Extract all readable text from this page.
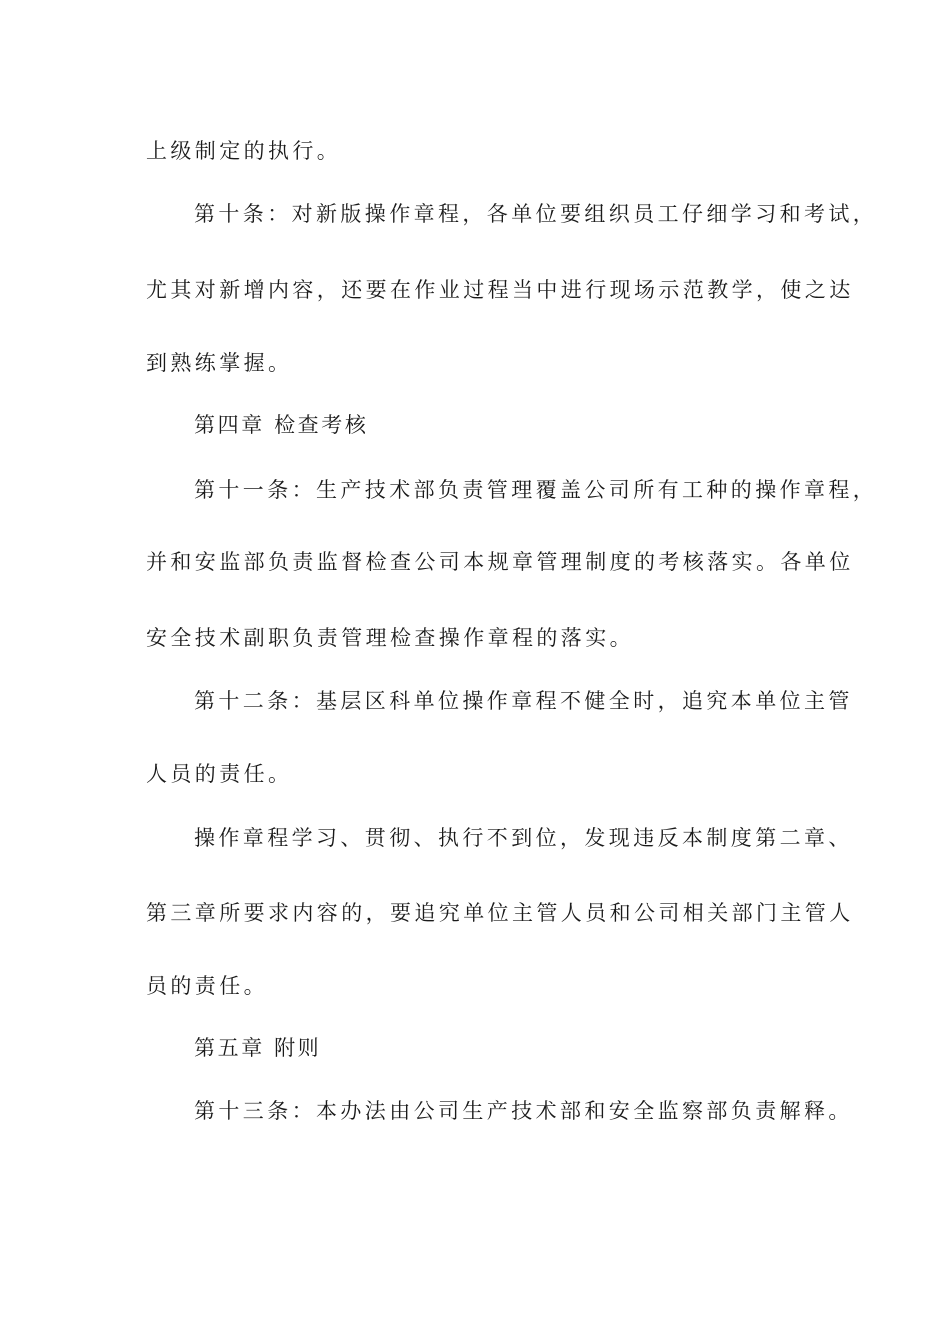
上级制定的执行。
第十条：对新版操作章程，各单位要组织员工仔细学习和考试，
尤其对新增内容，还要在作业过程当中进行现场示范教学，使之达
到熟练掌握。
第四章 检查考核
第十一条：生产技术部负责管理覆盖公司所有工种的操作章程，
并和安监部负责监督检查公司本规章管理制度的考核落实。各单位
安全技术副职负责管理检查操作章程的落实。
第十二条：基层区科单位操作章程不健全时，追究本单位主管
人员的责任。
操作章程学习、贯彻、执行不到位，发现违反本制度第二章、
第三章所要求内容的，要追究单位主管人员和公司相关部门主管人
员的责任。
第五章 附则
第十三条：本办法由公司生产技术部和安全监察部负责解释。
